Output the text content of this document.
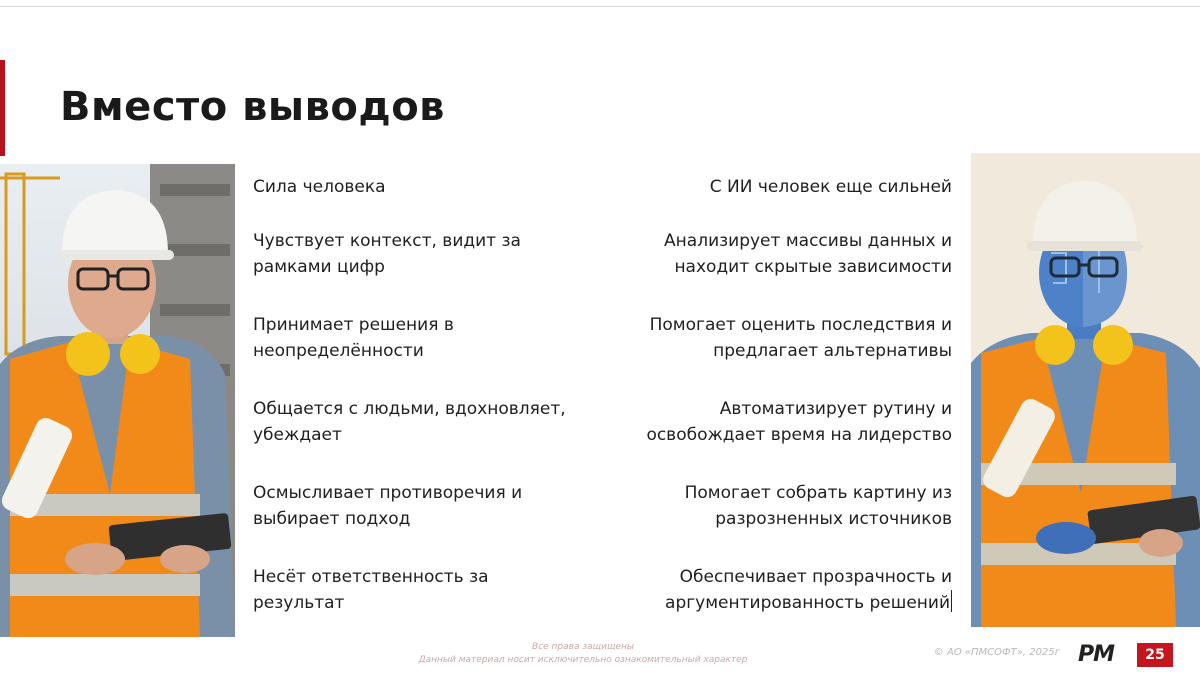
Вместо выводов
Сила человека
Чувствует контекст, видит за
рамками цифр
Принимает решения в
неопределённости
Общается с людьми, вдохновляет,
убеждает
Осмысливает противоречия и
выбирает подход
Несёт ответственность за
результат
С ИИ человек еще сильней
Анализирует массивы данных и
находит скрытые зависимости
Помогает оценить последствия и
предлагает альтернативы
Автоматизирует рутину и
освобождает время на лидерство
Помогает собрать картину из
разрозненных источников
Обеспечивает прозрачность и
аргументированность решений
Все права защищены
Данный материал носит исключительно ознакомительный характер
© АО «ПМСОФТ», 2025г PM	25
